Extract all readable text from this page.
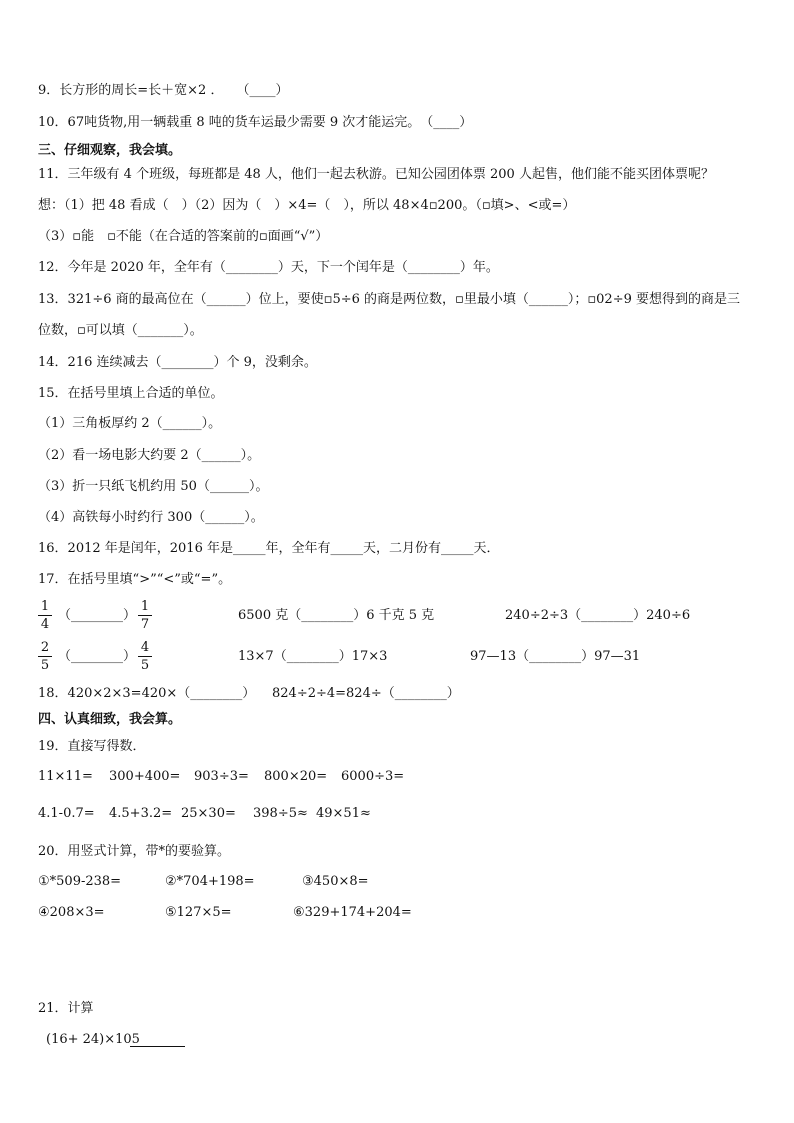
9．长方形的周长=长＋宽×2 ．　　（____）
10．67吨货物,用一辆载重 8 吨的货车运最少需要 9 次才能运完。　（____）
三、仔细观察，我会填。
11．三年级有 4 个班级，每班都是 48 人，他们一起去秋游。已知公园团体票 200 人起售，他们能不能买团体票呢？
想：（1）把 48 看成（　）（2）因为（　）×4=（　），所以 48×4▫200。（▫填>、<或=）
（3）▫能　▫不能（在合适的答案前的▫面画“√”）
12．今年是 2020 年，全年有（________）天，下一个闰年是（________）年。
13．321÷6 商的最高位在（______）位上，要使▫5÷6 的商是两位数，▫里最小填（______）；▫02÷9 要想得到的商是三
位数，▫可以填（_______）。
14．216 连续减去（________）个 9，没剩余。
15．在括号里填上合适的单位。
（1）三角板厚约 2（______）。
（2）看一场电影大约要 2（______）。
（3）折一只纸飞机约用 50（______）。
（4）高铁每小时约行 300（______）。
16．2012 年是闰年，2016 年是_____年，全年有_____天，二月份有_____天．
17．在括号里填“>”“<”或“=”。
$\frac{1}{4}$ （________） $\frac{1}{7}$	6500 克（________）6 千克 5 克	240÷2÷3（________）240÷6
$\frac{2}{5}$ （________） $\frac{4}{5}$	13×7（________）17×3	97—13（________）97—31
18．420×2×3=420×（________） 824÷2÷4=824÷（________）
四、认真细致，我会算。
19．直接写得数．
11×11= 300+400= 903÷3= 800×20= 6000÷3=
4.1-0.7= 4.5+3.2= 25×30= 398÷5≈ 49×51≈
20．用竖式计算，带*的要验算。
①*509-238=	②*704+198=	③450×8=
④208×3=	⑤127×5=	⑥329+174+204=
21．计算
(16+ 24)×105
